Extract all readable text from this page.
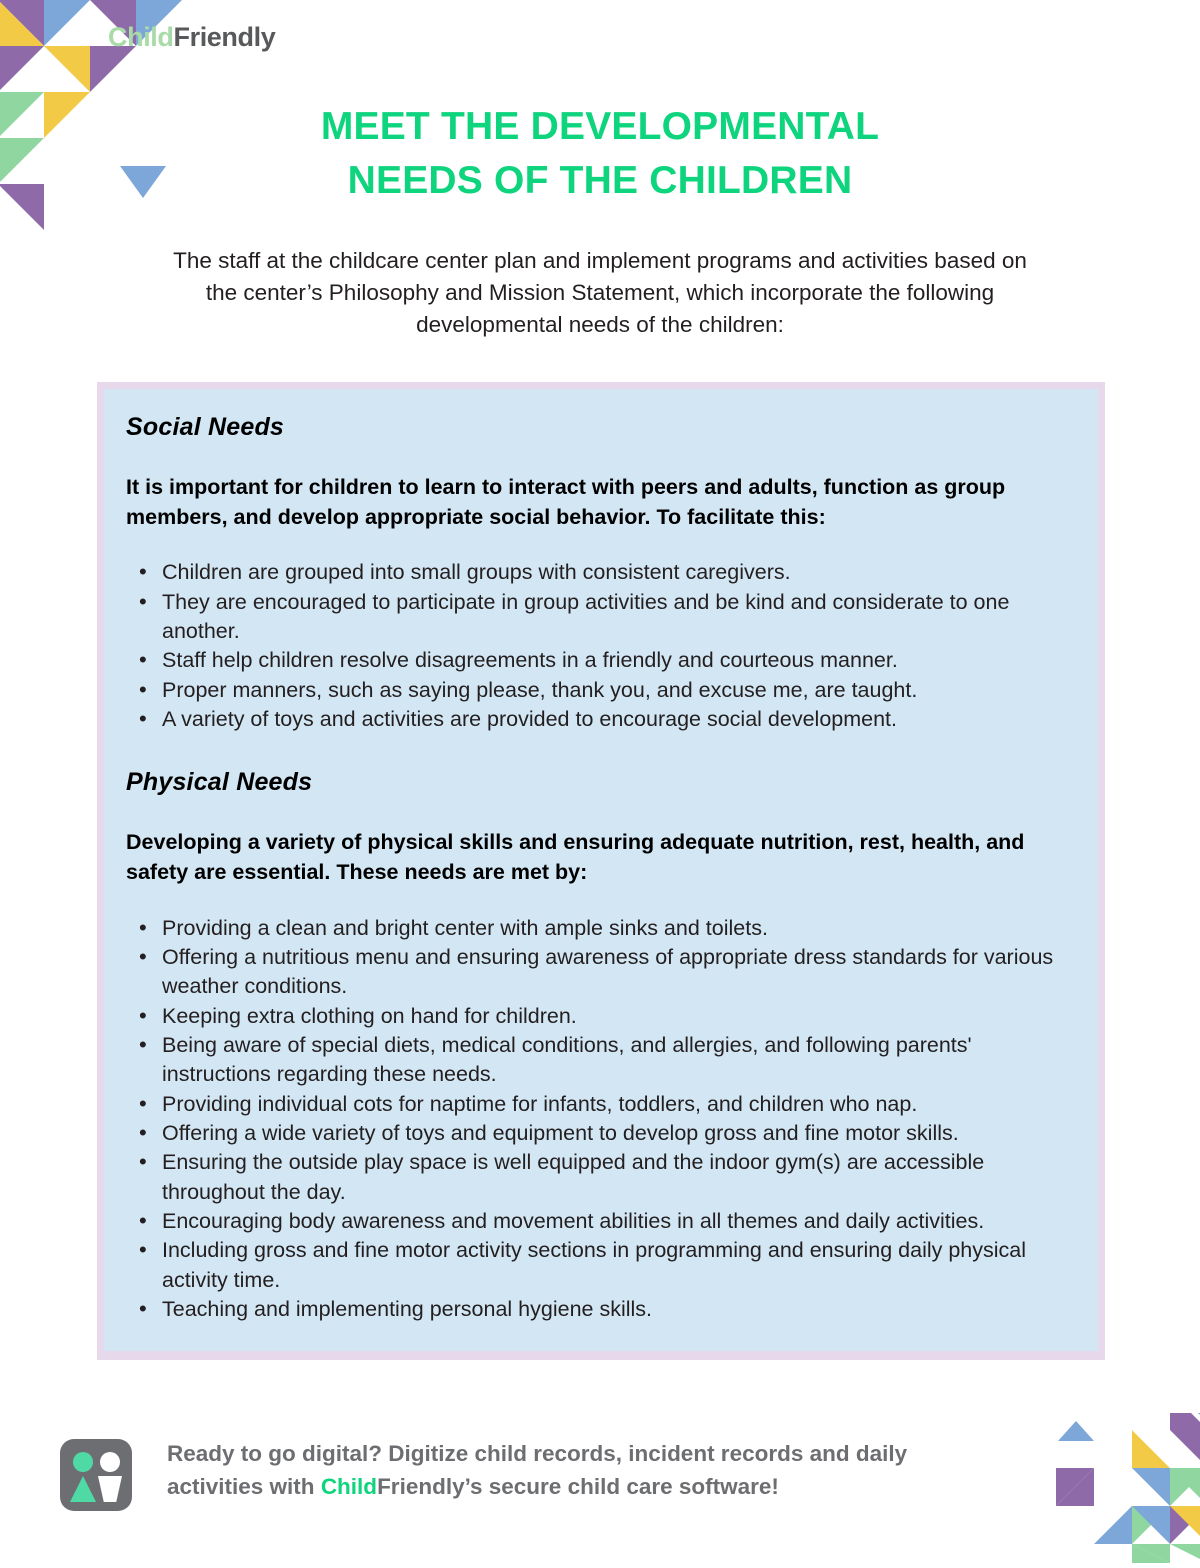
ChildFriendly
MEET THE DEVELOPMENTAL
NEEDS OF THE CHILDREN

The staff at the childcare center plan and implement programs and activities based on the center’s Philosophy and Mission Statement, which incorporate the following developmental needs of the children:

Social Needs
It is important for children to learn to interact with peers and adults, function as group members, and develop appropriate social behavior. To facilitate this:
• Children are grouped into small groups with consistent caregivers.
• They are encouraged to participate in group activities and be kind and considerate to one another.
• Staff help children resolve disagreements in a friendly and courteous manner.
• Proper manners, such as saying please, thank you, and excuse me, are taught.
• A variety of toys and activities are provided to encourage social development.
Physical Needs
Developing a variety of physical skills and ensuring adequate nutrition, rest, health, and safety are essential. These needs are met by:
• Providing a clean and bright center with ample sinks and toilets.
• Offering a nutritious menu and ensuring awareness of appropriate dress standards for various weather conditions.
• Keeping extra clothing on hand for children.
• Being aware of special diets, medical conditions, and allergies, and following parents' instructions regarding these needs.
• Providing individual cots for naptime for infants, toddlers, and children who nap.
• Offering a wide variety of toys and equipment to develop gross and fine motor skills.
• Ensuring the outside play space is well equipped and the indoor gym(s) are accessible throughout the day.
• Encouraging body awareness and movement abilities in all themes and daily activities.
• Including gross and fine motor activity sections in programming and ensuring daily physical activity time.
• Teaching and implementing personal hygiene skills.
Ready to go digital? Digitize child records, incident records and daily activities with ChildFriendly’s secure child care software!
